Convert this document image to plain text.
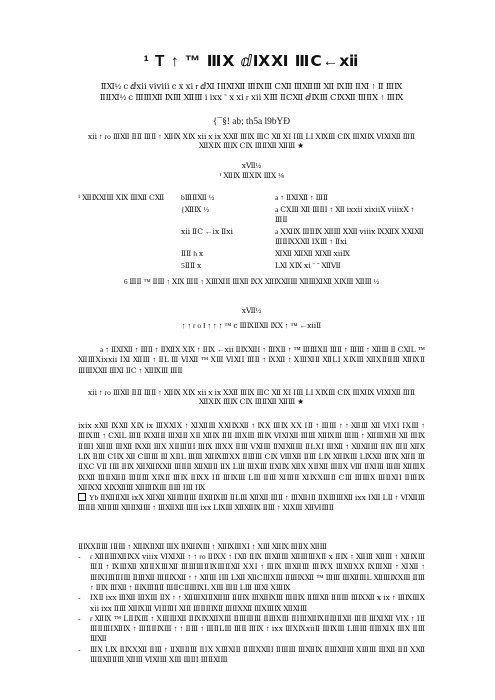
¹ T ↑ ™ ⅢⅩ ⅆⅨⅪ ⅢⅭ←ⅻ
ⅡⅪ½ ⅽ ⅆⅻ ⅵⅷ ⅽ ⅹ ⅺ r ⅆⅪ ⅠⅡⅪⅫ ⅢⅨⅢ ⅭⅫ ⅢⅫⅢ Ⅻ ⅨⅢ ⅡⅪ ↑ Ⅱ ⅢⅨ
ⅡⅡⅪ½ ⅽ ⅢⅢⅫ ⅨⅢ ⅫⅢ ⅰ ⅸⅹ ˜ ⅹ ⅺ r ⅻ ⅩⅢ ⅡⅭⅫ ⅆⅨⅢ ⅭⅨⅫ ⅢⅡⅩ ↑ ⅢⅨ
{¯§! ab; th5a l9bYÐ
ⅻ ↑ ro ⅢⅫ ⅡⅡ ⅢⅡ ↑ ⅫⅨ ⅩⅨ ⅻ ⅹ ⅸ ⅩⅫ ⅢⅨ ⅢⅭ Ⅻ ⅩⅠ ⅠⅢ ⅬⅠ ⅩⅨⅢ ⅭⅨ ⅢⅪⅨ ⅥⅪⅫ ⅢⅡ ⅫⅩⅨ ⅢⅨ ⅭⅨ ⅢⅡⅫ ⅫⅢ ★
ⅹⅦ½
¹ ⅫⅨ ⅢⅩⅨ ⅢⅩ ⅛
¹ ⅫⅨⅪⅢ ⅩⅨ ⅢⅫ ⅭⅫ	bⅢⅡⅫ ½	a ↑ ⅡⅪⅫ ↑ ⅢⅡ
{ⅫⅨ ½	a ⅭⅩⅢ Ⅻ ⅢⅡⅠ ↑ Ⅻ ⅸⅻ ⅺⅻⅩ ⅷⅹⅩ ↑ ⅢⅡ
ⅻ ⅡⅭ ←ⅸ Ⅱⅺ	a ⅩⅪⅨ ⅢⅡⅨ ⅫⅢ ⅩⅫ ⅷⅹ ⅨⅫⅩ ⅩⅪⅫ ⅢⅡⅨⅩⅫ ⅠⅩⅢ ↑ Ⅱⅺ
ⅡⅡ h ⅹ	ⅪⅫ ⅫⅫ ⅪⅫ ⅻⅨ
5ⅡⅡ ⅹ	ⅬⅪ ⅩⅨ ⅺ ¨ ˜ ⅫⅦ
6 ⅢⅡ ™ ⅡⅢ ↑ ⅩⅨ ⅢⅡ ↑ ⅩⅢⅪⅡ ⅢⅫ ⅨⅩ ⅫⅨⅫⅢ ⅫⅢⅪⅫ ⅩⅨⅢ ⅫⅢ ½
ⅹⅦ½
↑ ↑ r o I ↑ ↑ ↑ ™ ⅽ ⅢⅨⅡⅫ ⅨⅩ ↑ ™ ←ⅻⅡ

a ↑ ⅡⅪⅫ ↑ ⅢⅡ ↑ ⅡⅫⅩ ⅩⅨ ↑ ⅡⅨ ←ⅻ ⅡⅨⅫⅠ ↑ ⅢⅩⅡ ↑ ™ ⅢⅢⅩⅡ ⅢⅡ ↑ ⅢⅢ ↑ ⅫⅢ Ⅱ ⅭⅪⅬ ™ ⅫⅢⅩⅸⅻ ⅠⅪ ⅫⅢ ↑ ⅡⅬ Ⅲ ⅥⅫ ™ ⅩⅢ ⅥⅪⅠ ⅢⅡ ↑ ⅨⅫ ↑ ⅩⅢⅪⅡ ⅫⅬⅠ ⅩⅨⅢ ⅫⅩⅡⅡⅢ ⅫⅨⅡ ⅢⅢⅩⅫ ⅢⅪ ⅡⅭ ↑ ⅫⅨⅢ ⅢⅡ

ⅻ ↑ ro ⅢⅫ ⅡⅡ ⅢⅡ ↑ ⅫⅨ ⅩⅨ ⅻ ⅹ ⅸ ⅩⅫ ⅢⅨ ⅢⅭ Ⅻ ⅩⅠ ⅠⅢ ⅬⅠ ⅩⅨⅢ ⅭⅨ ⅢⅪⅨ ⅥⅪⅫ ⅢⅡ ⅫⅩⅨ ⅢⅨ ⅭⅨ ⅢⅡⅫ ⅫⅢ ★

ⅸⅸ ⅹⅫ ⅨⅫ ⅩⅨ ⅸ ⅢⅩⅪⅩ ↑ ⅪⅫⅢ ⅩⅪⅨⅫ ↑ ⅨⅩ ⅢⅨ ⅩⅩ ⅠⅡ ↑ ⅢⅢ ↑ ↑ ⅫⅢ Ⅻ ⅥⅩⅠ ⅠⅩⅢ ↑ ⅢⅨⅢ ↑ ⅭⅪⅬ ⅢⅡ ⅨⅫⅡ ⅢⅪⅡ ⅩⅡ ⅫⅨ ⅡⅡ ⅢⅩⅢ ⅢⅨ ⅥⅪⅫ ⅢⅢ ⅫⅨⅢ ⅢⅢ ↑ ⅫⅢⅪⅡ Ⅻ ⅢⅨ ⅡⅢⅠ ⅫⅢ ⅢⅫ ⅨⅫ ⅢⅩ ⅩⅡⅢⅡⅠ ⅢⅨ ⅢⅩⅩ ⅡⅢ ⅤⅪⅢ ⅡⅪⅫⅢ ⅡⅬⅩⅠ ⅢⅫ ↑ ⅫⅫⅢ ⅡⅨ ⅢⅡ ⅫⅩ ⅬⅨ ⅡⅢ ⅭⅠⅨ Ⅻ ⅭⅢⅢ Ⅲ ⅩⅡⅬ ⅢⅢ ⅫⅨⅢⅩⅩ ⅡⅢⅢ ⅭⅨ ⅧⅫ ⅡⅢ ⅬⅨ ⅫⅨⅢ ⅬⅨⅫ ⅢⅨ ⅫⅡ Ⅲ ⅡⅩⅭ ⅤⅡ ⅠⅢ ⅡⅨ ⅫⅫⅨⅫ ⅢⅡⅡ ⅫⅫⅡ ⅡⅩ ⅬⅢ ⅢⅩⅢ ⅡⅪⅨ ⅫⅩ ⅩⅡⅫ ⅢⅡⅩ Ⅷ ⅡⅪⅢ ⅢⅢ ⅫⅢⅩ ⅨⅫ ⅢⅡⅫⅡ ⅢⅡⅢ ⅩⅨⅡ ⅢⅨ ⅡⅨⅩ ⅠⅡ ⅢⅨⅢ ⅬⅢ ⅡⅢ ⅪⅢⅡ ⅪⅨⅩⅢⅡ ⅭⅢ ⅢⅢⅩ ⅢⅡⅪⅠ ⅡⅢⅨ ⅫⅨⅪ ⅩⅨⅫⅢ ⅫⅢⅨⅢ ⅡⅢ ⅠⅢ ⅠⅨ

Yb ⅡⅫⅡⅫ ⅸⅩ ⅫⅫ ⅫⅢⅡⅢ ⅡⅫⅨⅢ ⅡⅬⅢ ⅫⅫ ⅢⅡ ↑ ⅢⅫⅠⅡ ⅡⅩⅢⅢⅫ ⅸⅹ ⅠⅫ ⅬⅡ ↑ ⅥⅫⅢ ⅢⅡⅡ ⅫⅡⅢ ⅫⅡⅪⅢ ↑ ⅢⅫⅫ ⅢⅡ ⅸⅹ ⅬⅨⅢ ⅫⅫⅨ ⅡⅢ ↑ ⅪⅩⅢ ⅫⅥⅢⅡ

ⅡⅨⅩⅡⅢ ⅠⅡⅢ ↑ ⅫⅨⅡⅫ ⅢⅩ ⅡⅫⅨⅢ ↑ ⅫⅨⅢⅩⅠ ↑ ⅩⅢ ⅫⅨ ⅢⅡⅩ ⅫⅢ

-	r ⅫⅡⅢⅫⅨⅩ ⅷⅹ ⅥⅪⅫ ↑ ↑ ro ⅡⅨⅩ ↑ ⅠⅫ ⅡⅨ ⅢⅫⅢ ⅫⅢⅢⅩⅡ ⅹ ⅡⅨ ↑ ⅫⅢ ⅫⅢ ↑ ⅫⅨⅢ ⅢⅡ ↑ ⅨⅢⅫ ⅫⅡⅩⅢⅫ ⅢⅢⅢⅡⅨⅢⅡⅫ ⅩⅩⅠ ↑ ⅢⅨ ⅢⅫⅢ ⅢⅨⅩ ⅢⅫⅩⅩ ⅨⅢⅫ ↑ ⅪⅫ ↑ ⅢⅨⅠⅢⅡⅠⅢ ⅡⅢⅫ ⅢⅡⅨⅫ ↑ ↑ ⅫⅢ ⅠⅢ ⅬⅫ ⅫⅭⅢⅩⅢ ⅡⅢⅨⅫ ™ ⅢⅢ ⅢⅫⅢⅬ ⅫⅢⅨⅩⅢ ⅡⅢ ↑ ⅡⅨ ⅢⅫ ↑ ⅡⅨⅢⅡⅡ ⅢⅡⅭⅡⅢⅨⅬ ⅩⅢ ⅢⅡ ⅬⅢ ⅢⅪ ⅩⅢⅨ
-	ⅠⅩⅡ ⅸⅹ ⅢⅫ ⅢⅩⅢ ⅡⅩ ↑ ↑ ⅫⅢⅪⅡⅫⅢ ⅡⅡⅨ ⅢⅫⅨⅢ ⅢⅡⅨ ⅡⅢⅫ ⅡⅡⅢ ⅢⅨⅫ ⅹ ⅸ ↑ ⅢⅨⅢⅩ ⅻ ⅸⅹ ⅡⅢ ⅫⅨⅢ ⅥⅡⅢⅠ ⅪⅡ ⅢⅡⅡⅨⅡ ⅢⅡⅩⅫ ⅢⅩⅢⅨ ⅫⅪⅢ
-	r ⅫⅨ ™ ⅬⅡⅨⅢ ↑ ⅩⅢⅢⅫ ⅡⅨⅨⅫⅩⅢ ⅡⅢⅢⅢ ⅡⅢⅩⅢ ⅡⅠⅢⅫⅨⅡⅢⅡⅫ ⅢⅡ ⅢⅪⅫ ⅥⅩ ↑ ⅠⅡ ⅢⅡⅢⅠⅫⅨ ↑ ⅢⅡⅡⅨⅢ ↑ ↑ ⅡⅢ ↑ ⅢⅡⅬⅢ ⅢⅡ ⅢⅨ ↑ ⅸⅹ ⅢⅩⅨⅻⅡ ⅢⅨⅢ ⅬⅢⅢ ⅡⅢⅪⅩ ⅢⅩ ⅡⅢ ⅢⅫ
-	ⅢⅩ ⅬⅨ ⅡⅨⅩⅫ ⅡⅢ ↑ ⅡⅫⅡⅢ ⅡⅠⅩ ⅩⅢⅪⅡ ⅡⅢⅩⅫⅠ ⅡⅢⅢ ⅢⅫⅨ ⅡⅢⅫⅢ ⅩⅢⅢ ⅢⅫ ⅡⅡ ⅩⅫ ⅢⅡⅫⅡⅢ ⅫⅢ ⅥⅪⅢ ⅩⅢ ⅢⅡⅠ ⅢⅡⅪⅢ
